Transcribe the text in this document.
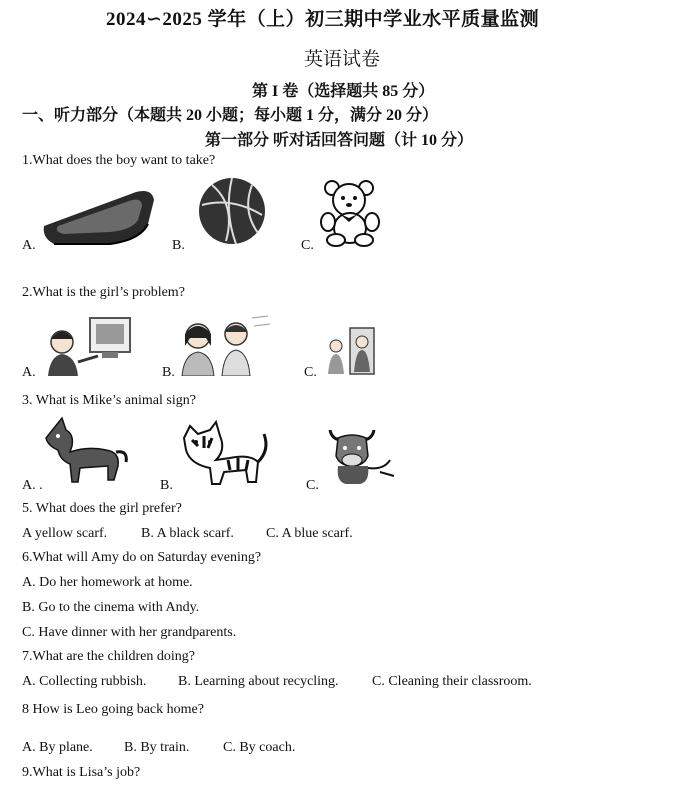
2024∽2025 学年（上）初三期中学业水平质量监测
英语试卷
第 I 卷（选择题共 85 分）
一、听力部分（本题共 20 小题；每小题 1 分，满分 20 分）
第一部分 听对话回答问题（计 10 分）
1.What does the boy want to take?
A.	B.	C.
2.What is the girl’s problem?
A.	B.	C.
3. What is Mike’s animal sign?
A. .	B.	C.
5. What does the girl prefer?
A yellow scarf. B. A black scarf. C. A blue scarf.
6.What will Amy do on Saturday evening?
A. Do her homework at home.
B. Go to the cinema with Andy.
C. Have dinner with her grandparents.
7.What are the children doing?
A. Collecting rubbish. B. Learning about recycling. C. Cleaning their classroom.
8 How is Leo going back home?
A. By plane. B. By train. C. By coach.
9.What is Lisa’s job?
